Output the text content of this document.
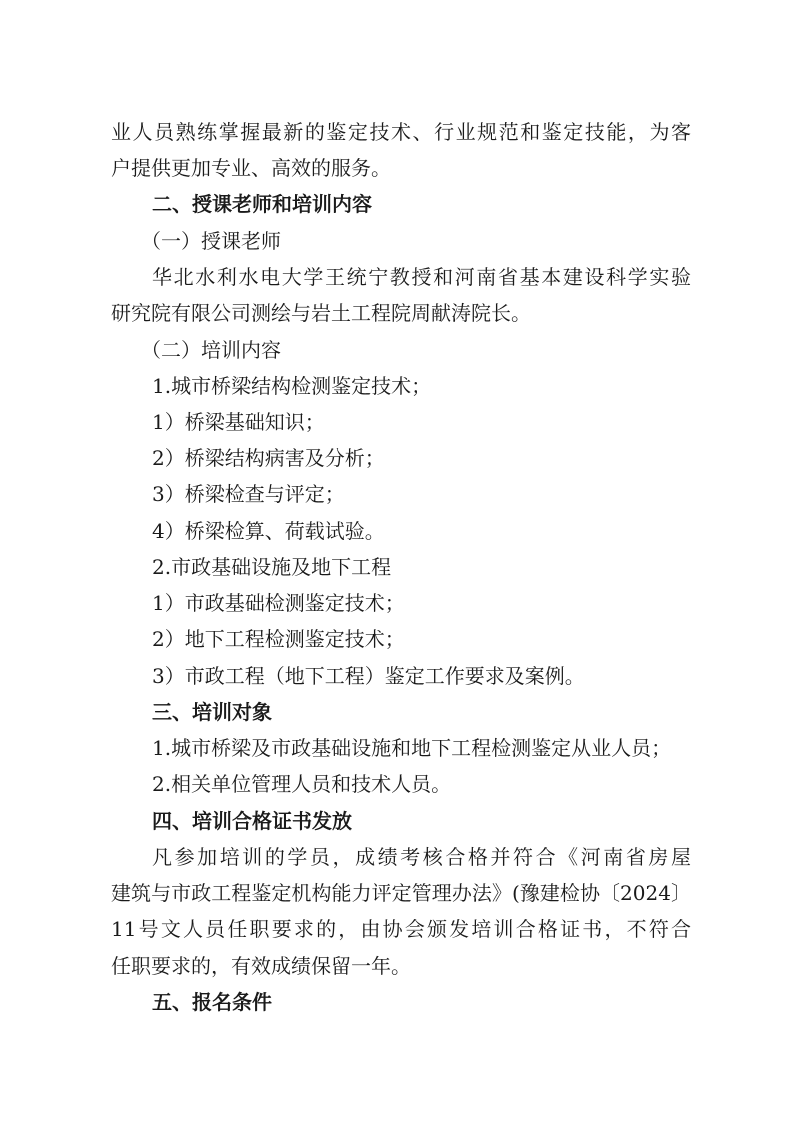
业人员熟练掌握最新的鉴定技术、行业规范和鉴定技能，为客
户提供更加专业、高效的服务。
二、授课老师和培训内容
（一）授课老师
华北水利水电大学王统宁教授和河南省基本建设科学实验
研究院有限公司测绘与岩土工程院周献涛院长。
（二）培训内容
1.城市桥梁结构检测鉴定技术；
1）桥梁基础知识；
2）桥梁结构病害及分析；
3）桥梁检查与评定；
4）桥梁检算、荷载试验。
2.市政基础设施及地下工程
1）市政基础检测鉴定技术；
2）地下工程检测鉴定技术；
3）市政工程（地下工程）鉴定工作要求及案例。
三、培训对象
1.城市桥梁及市政基础设施和地下工程检测鉴定从业人员；
2.相关单位管理人员和技术人员。
四、培训合格证书发放
凡参加培训的学员，成绩考核合格并符合《河南省房屋
建筑与市政工程鉴定机构能力评定管理办法》(豫建检协〔2024〕
11号文人员任职要求的，由协会颁发培训合格证书，不符合
任职要求的，有效成绩保留一年。
五、报名条件
